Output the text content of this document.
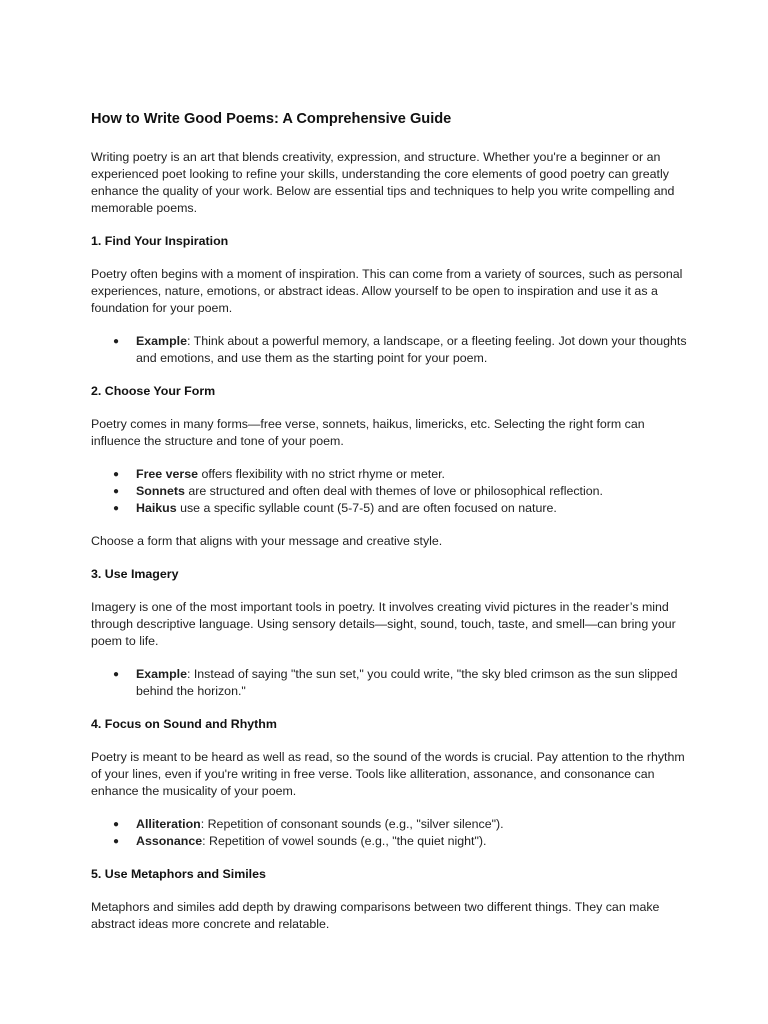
How to Write Good Poems: A Comprehensive Guide

Writing poetry is an art that blends creativity, expression, and structure. Whether you're a beginner or an experienced poet looking to refine your skills, understanding the core elements of good poetry can greatly enhance the quality of your work. Below are essential tips and techniques to help you write compelling and memorable poems.

1. Find Your Inspiration

Poetry often begins with a moment of inspiration. This can come from a variety of sources, such as personal experiences, nature, emotions, or abstract ideas. Allow yourself to be open to inspiration and use it as a foundation for your poem.

● Example: Think about a powerful memory, a landscape, or a fleeting feeling. Jot down your thoughts and emotions, and use them as the starting point for your poem.
2. Choose Your Form

Poetry comes in many forms—free verse, sonnets, haikus, limericks, etc. Selecting the right form can influence the structure and tone of your poem.

● Free verse offers flexibility with no strict rhyme or meter.
● Sonnets are structured and often deal with themes of love or philosophical reflection.
● Haikus use a specific syllable count (5-7-5) and are often focused on nature.

Choose a form that aligns with your message and creative style.

3. Use Imagery

Imagery is one of the most important tools in poetry. It involves creating vivid pictures in the reader’s mind through descriptive language. Using sensory details—sight, sound, touch, taste, and smell—can bring your poem to life.

● Example: Instead of saying "the sun set," you could write, "the sky bled crimson as the sun slipped behind the horizon."
4. Focus on Sound and Rhythm

Poetry is meant to be heard as well as read, so the sound of the words is crucial. Pay attention to the rhythm of your lines, even if you're writing in free verse. Tools like alliteration, assonance, and consonance can enhance the musicality of your poem.

● Alliteration: Repetition of consonant sounds (e.g., "silver silence").
● Assonance: Repetition of vowel sounds (e.g., "the quiet night").
5. Use Metaphors and Similes

Metaphors and similes add depth by drawing comparisons between two different things. They can make abstract ideas more concrete and relatable.
